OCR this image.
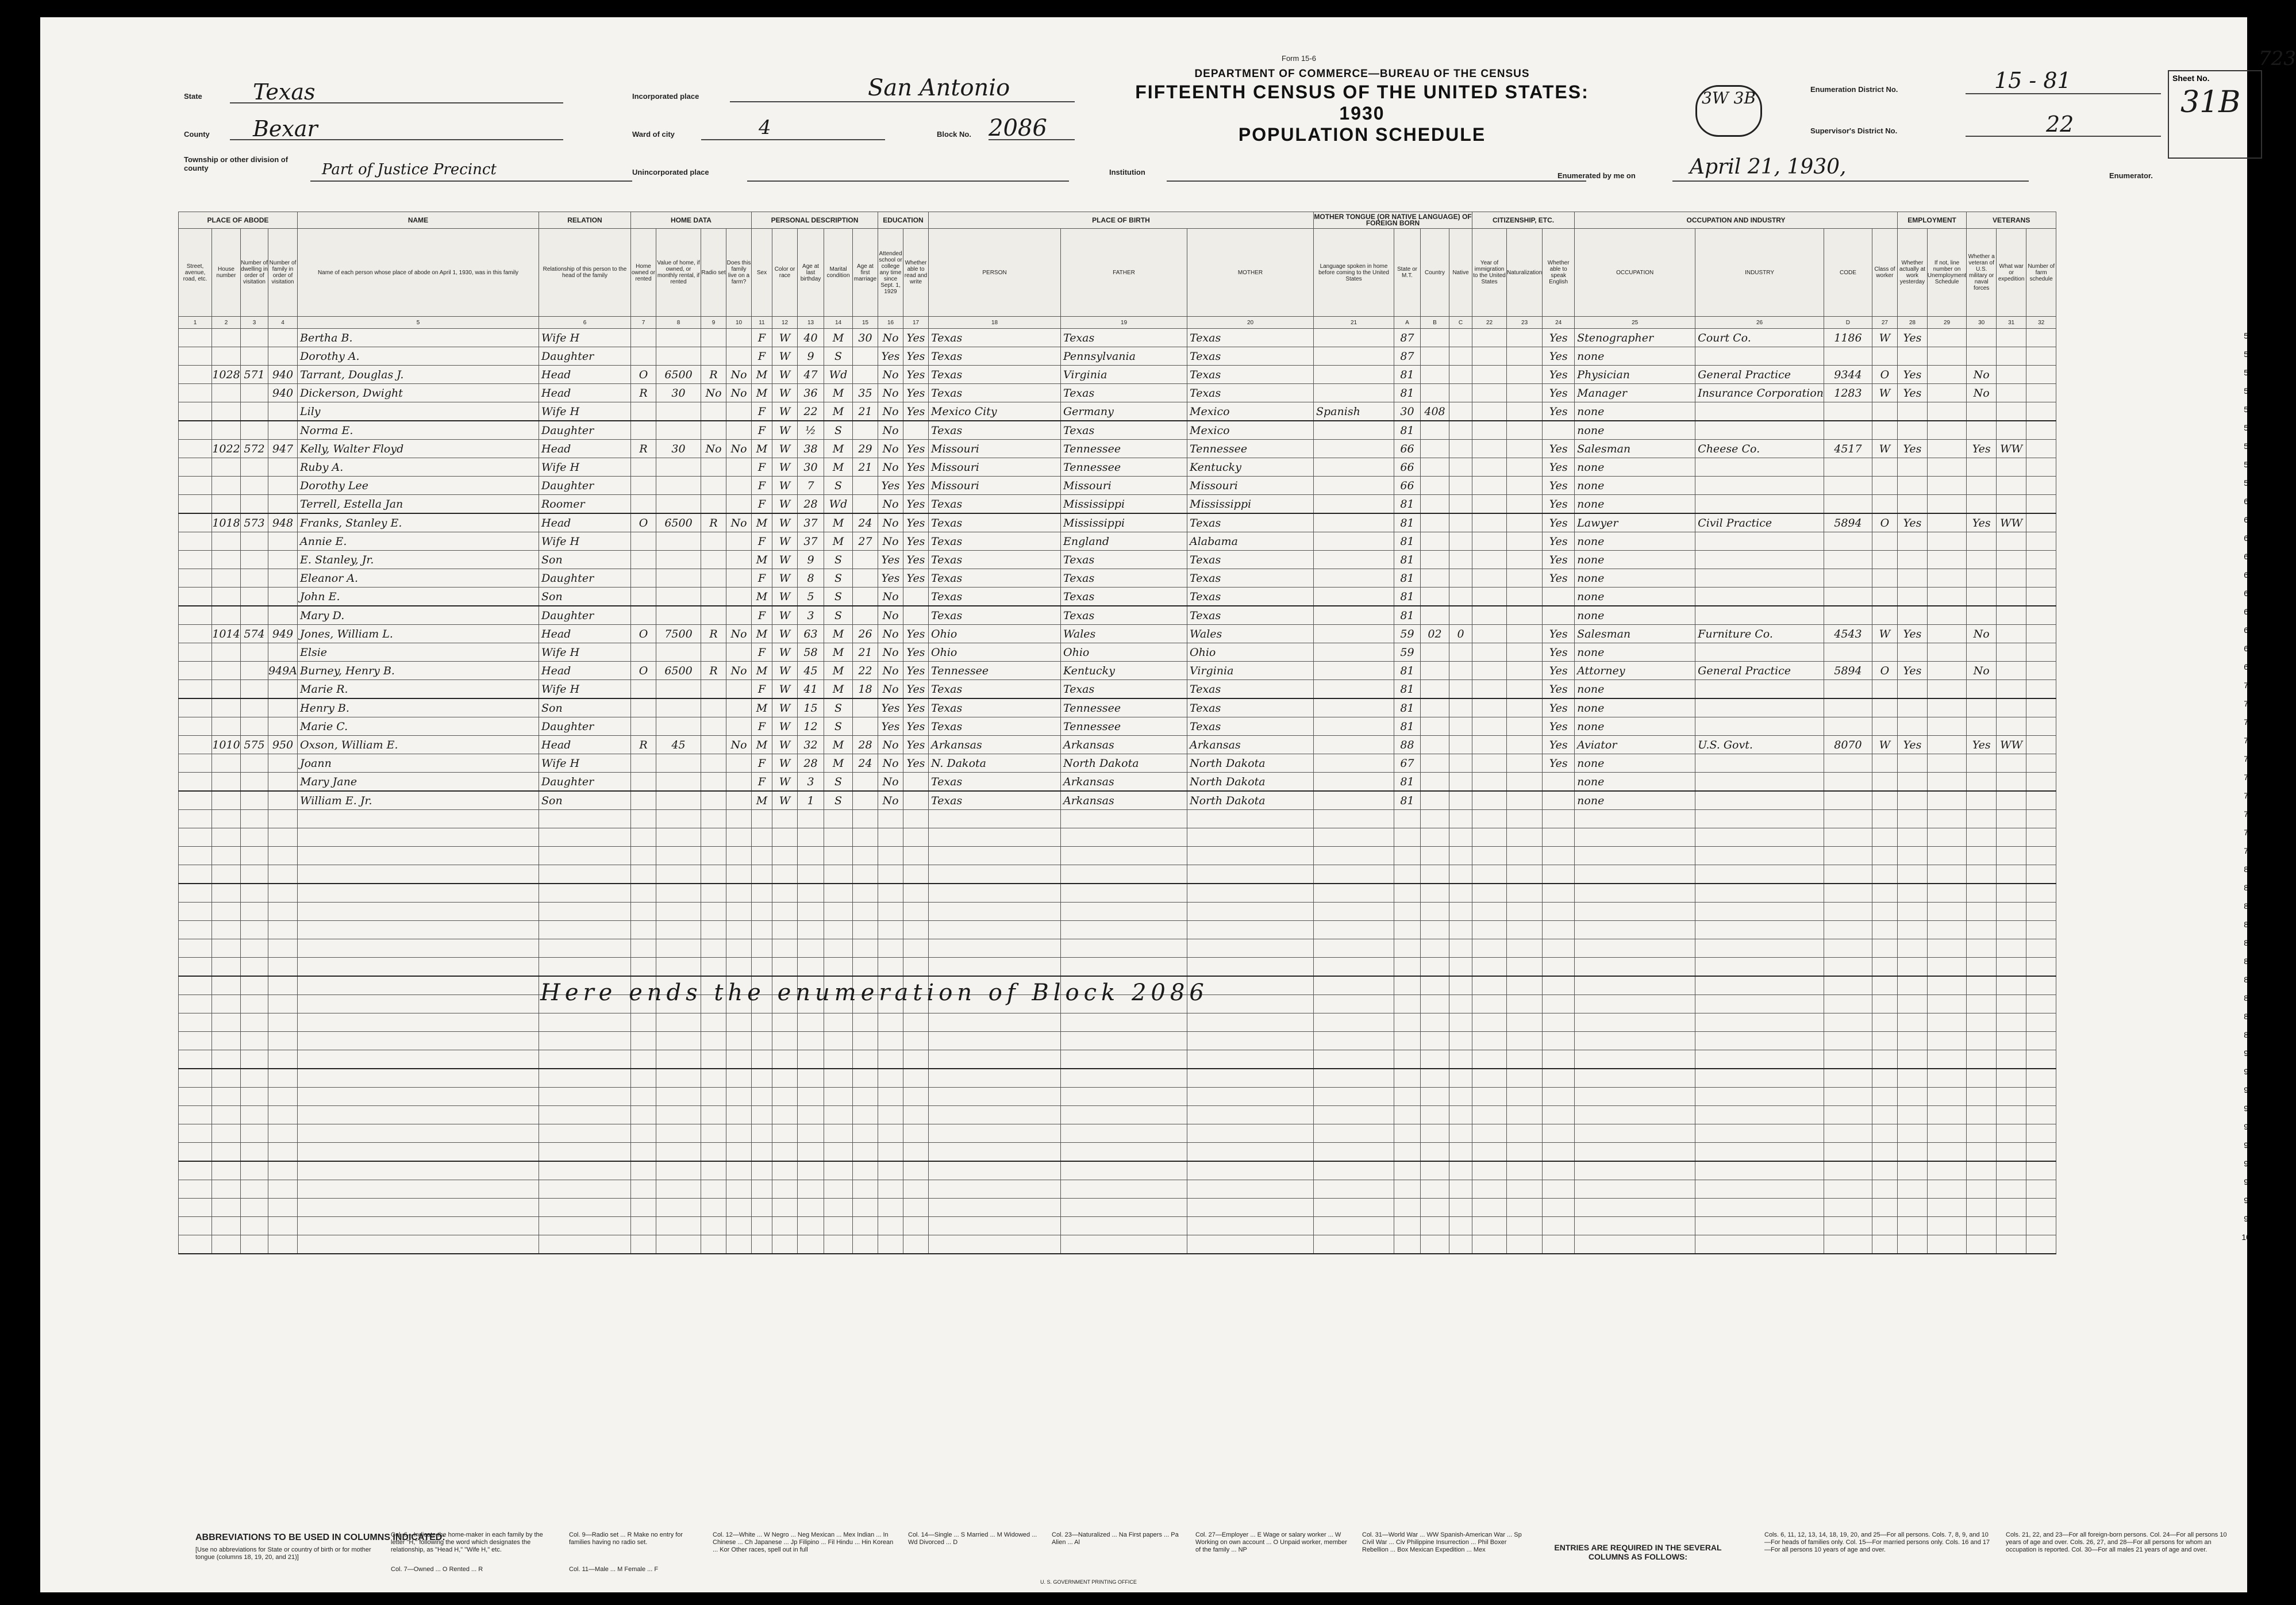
Form 15-6
DEPARTMENT OF COMMERCE—BUREAU OF THE CENSUS
FIFTEENTH CENSUS OF THE UNITED STATES: 1930
POPULATION SCHEDULE
3W 3B
State	Texas
County	Bexar
Township or other division of county	Part of Justice Precinct
Incorporated place	San Antonio
Ward of city	4	Block No. 2086
Unincorporated place	Institution
Enumeration District No.	15 - 81
Supervisor's District No.	22
Enumerated by me on	April 21, 1930,	Enumerator.
Sheet No.
31B
723
PLACE OF ABODE				NAME	RELATION	HOME DATA				PERSONAL DESCRIPTION					EDUCATION		PLACE OF BIRTH			MOTHER TONGUE (OR NATIVE LANGUAGE) OF FOREIGN BORN				CITIZENSHIP, ETC.			OCCUPATION AND INDUSTRY				EMPLOYMENT		VETERANS		
Street, avenue, road, etc.	House number	Number of dwelling in order of visitation	Number of family in order of visitation	Name of each person whose place of abode on April 1, 1930, was in this family	Relationship of this person to the head of the family	Home owned or rented	Value of home, if owned, or monthly rental, if rented	Radio set	Does this family live on a farm?	Sex	Color or race	Age at last birthday	Marital condition	Age at first marriage	Attended school or college any time since Sept. 1, 1929	Whether able to read and write	PERSON	FATHER	MOTHER	Language spoken in home before coming to the United States	State or M.T.	Country	Native	Year of immigration to the United States	Naturalization	Whether able to speak English	OCCUPATION	INDUSTRY	CODE	Class of worker	Whether actually at work yesterday	If not, line number on Unemployment Schedule	Whether a veteran of U.S. military or naval forces	What war or expedition	Number of farm schedule
1	2	3	4	5	6	7	8	9	10	11	12	13	14	15	16	17	18	19	20	21	A	B	C	22	23	24	25	26	D	27	28	29	30	31	32
				Bertha B.	Wife H					F	W	40	M	30	No	Yes	Texas	Texas	Texas		87					Yes	Stenographer	Court Co.	1186	W	Yes				
				Dorothy A.	Daughter					F	W	9	S		Yes	Yes	Texas	Pennsylvania	Texas		87					Yes	none								
	1028	571	940	Tarrant, Douglas J.	Head	O	6500	R	No	M	W	47	Wd		No	Yes	Texas	Virginia	Texas		81					Yes	Physician	General Practice	9344	O	Yes		No		
			940	Dickerson, Dwight	Head	R	30	No	No	M	W	36	M	35	No	Yes	Texas	Texas	Texas		81					Yes	Manager	Insurance Corporation	1283	W	Yes		No		
				Lily	Wife H					F	W	22	M	21	No	Yes	Mexico City	Germany	Mexico	Spanish	30	408				Yes	none								
				Norma E.	Daughter					F	W	½	S		No		Texas	Texas	Mexico		81						none								
	1022	572	947	Kelly, Walter Floyd	Head	R	30	No	No	M	W	38	M	29	No	Yes	Missouri	Tennessee	Tennessee		66					Yes	Salesman	Cheese Co.	4517	W	Yes		Yes	WW	
				Ruby A.	Wife H					F	W	30	M	21	No	Yes	Missouri	Tennessee	Kentucky		66					Yes	none								
				Dorothy Lee	Daughter					F	W	7	S		Yes	Yes	Missouri	Missouri	Missouri		66					Yes	none								
				Terrell, Estella Jan	Roomer					F	W	28	Wd		No	Yes	Texas	Mississippi	Mississippi		81					Yes	none								
	1018	573	948	Franks, Stanley E.	Head	O	6500	R	No	M	W	37	M	24	No	Yes	Texas	Mississippi	Texas		81					Yes	Lawyer	Civil Practice	5894	O	Yes		Yes	WW	
				Annie E.	Wife H					F	W	37	M	27	No	Yes	Texas	England	Alabama		81					Yes	none								
				E. Stanley, Jr.	Son					M	W	9	S		Yes	Yes	Texas	Texas	Texas		81					Yes	none								
				Eleanor A.	Daughter					F	W	8	S		Yes	Yes	Texas	Texas	Texas		81					Yes	none								
				John E.	Son					M	W	5	S		No		Texas	Texas	Texas		81						none								
				Mary D.	Daughter					F	W	3	S		No		Texas	Texas	Texas		81						none								
	1014	574	949	Jones, William L.	Head	O	7500	R	No	M	W	63	M	26	No	Yes	Ohio	Wales	Wales		59	02	0			Yes	Salesman	Furniture Co.	4543	W	Yes		No		
				Elsie	Wife H					F	W	58	M	21	No	Yes	Ohio	Ohio	Ohio		59					Yes	none								
			949A	Burney, Henry B.	Head	O	6500	R	No	M	W	45	M	22	No	Yes	Tennessee	Kentucky	Virginia		81					Yes	Attorney	General Practice	5894	O	Yes		No		
				Marie R.	Wife H					F	W	41	M	18	No	Yes	Texas	Texas	Texas		81					Yes	none								
				Henry B.	Son					M	W	15	S		Yes	Yes	Texas	Tennessee	Texas		81					Yes	none								
				Marie C.	Daughter					F	W	12	S		Yes	Yes	Texas	Tennessee	Texas		81					Yes	none								
	1010	575	950	Oxson, William E.	Head	R	45		No	M	W	32	M	28	No	Yes	Arkansas	Arkansas	Arkansas		88					Yes	Aviator	U.S. Govt.	8070	W	Yes		Yes	WW	
				Joann	Wife H					F	W	28	M	24	No	Yes	N. Dakota	North Dakota	North Dakota		67					Yes	none								
				Mary Jane	Daughter					F	W	3	S		No		Texas	Arkansas	North Dakota		81						none								
				William E. Jr.	Son					M	W	1	S		No		Texas	Arkansas	North Dakota		81						none								

Here ends the enumeration of Block 2086
ABBREVIATIONS TO BE USED IN COLUMNS INDICATED:
[Use no abbreviations for State or country of birth or for mother tongue (columns 18, 19, 20, and 21)]
Col. 6—Indicate the home-maker in each family by the letter "H," following the word which designates the relationship, as "Head H," "Wife H," etc.
Col. 7—Owned ... O Rented ... R
Col. 9—Radio set ... R Make no entry for families having no radio set.
Col. 11—Male ... M Female ... F
Col. 12—White ... W Negro ... Neg Mexican ... Mex Indian ... In Chinese ... Ch Japanese ... Jp Filipino ... Fil Hindu ... Hin Korean ... Kor Other races, spell out in full
Col. 14—Single ... S Married ... M Widowed ... Wd Divorced ... D
Col. 23—Naturalized ... Na First papers ... Pa Alien ... Al
Col. 27—Employer ... E Wage or salary worker ... W Working on own account ... O Unpaid worker, member of the family ... NP
Col. 31—World War ... WW Spanish-American War ... Sp Civil War ... Civ Philippine Insurrection ... Phil Boxer Rebellion ... Box Mexican Expedition ... Mex	ENTRIES ARE REQUIRED IN THE SEVERAL COLUMNS AS FOLLOWS:
Cols. 6, 11, 12, 13, 14, 18, 19, 20, and 25—For all persons. Cols. 7, 8, 9, and 10—For heads of families only. Col. 15—For married persons only. Cols. 16 and 17—For all persons 10 years of age and over.
Cols. 21, 22, and 23—For all foreign-born persons. Col. 24—For all persons 10 years of age and over. Cols. 26, 27, and 28—For all persons for whom an occupation is reported. Col. 30—For all males 21 years of age and over.
U. S. GOVERNMENT PRINTING OFFICE
51
52
53
54
55
56
57
58
59
60
61
62
63
64
65
66
67
68
69
70
71
72
73
74
75
76
77
78
79
80
81
82
83
84
85
86
87
88
89
90
91
92
93
94
95
96
97
98
99
100
